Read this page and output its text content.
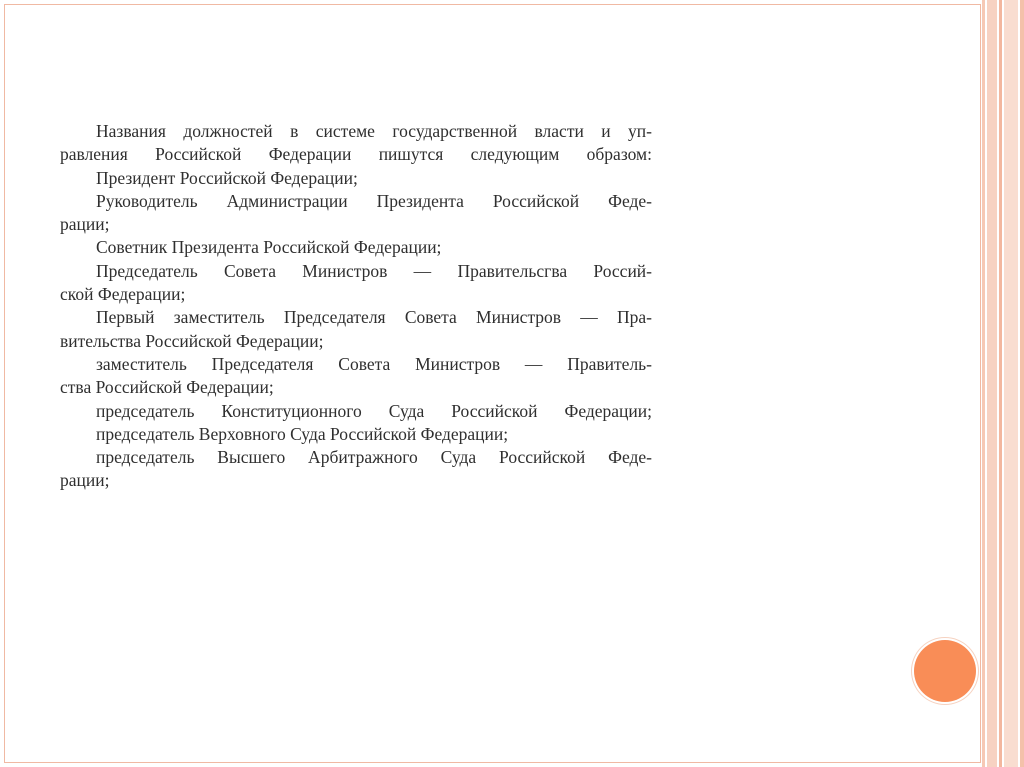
Названия должностей в системе государственной власти и уп-
равления Российской Федерации пишутся следующим образом:
Президент Российской Федерации;
Руководитель Администрации Президента Российской Феде-
рации;
Советник Президента Российской Федерации;
Председатель Совета Министров — Правительсгва Россий-
ской Федерации;
Первый заместитель Председателя Совета Министров — Пра-
вительства Российской Федерации;
заместитель Председателя Совета Министров — Правитель-
ства Российской Федерации;
председатель Конституционного Суда Российской Федерации;
председатель Верховного Суда Российской Федерации;
председатель Высшего Арбитражного Суда Российской Феде-
рации;
